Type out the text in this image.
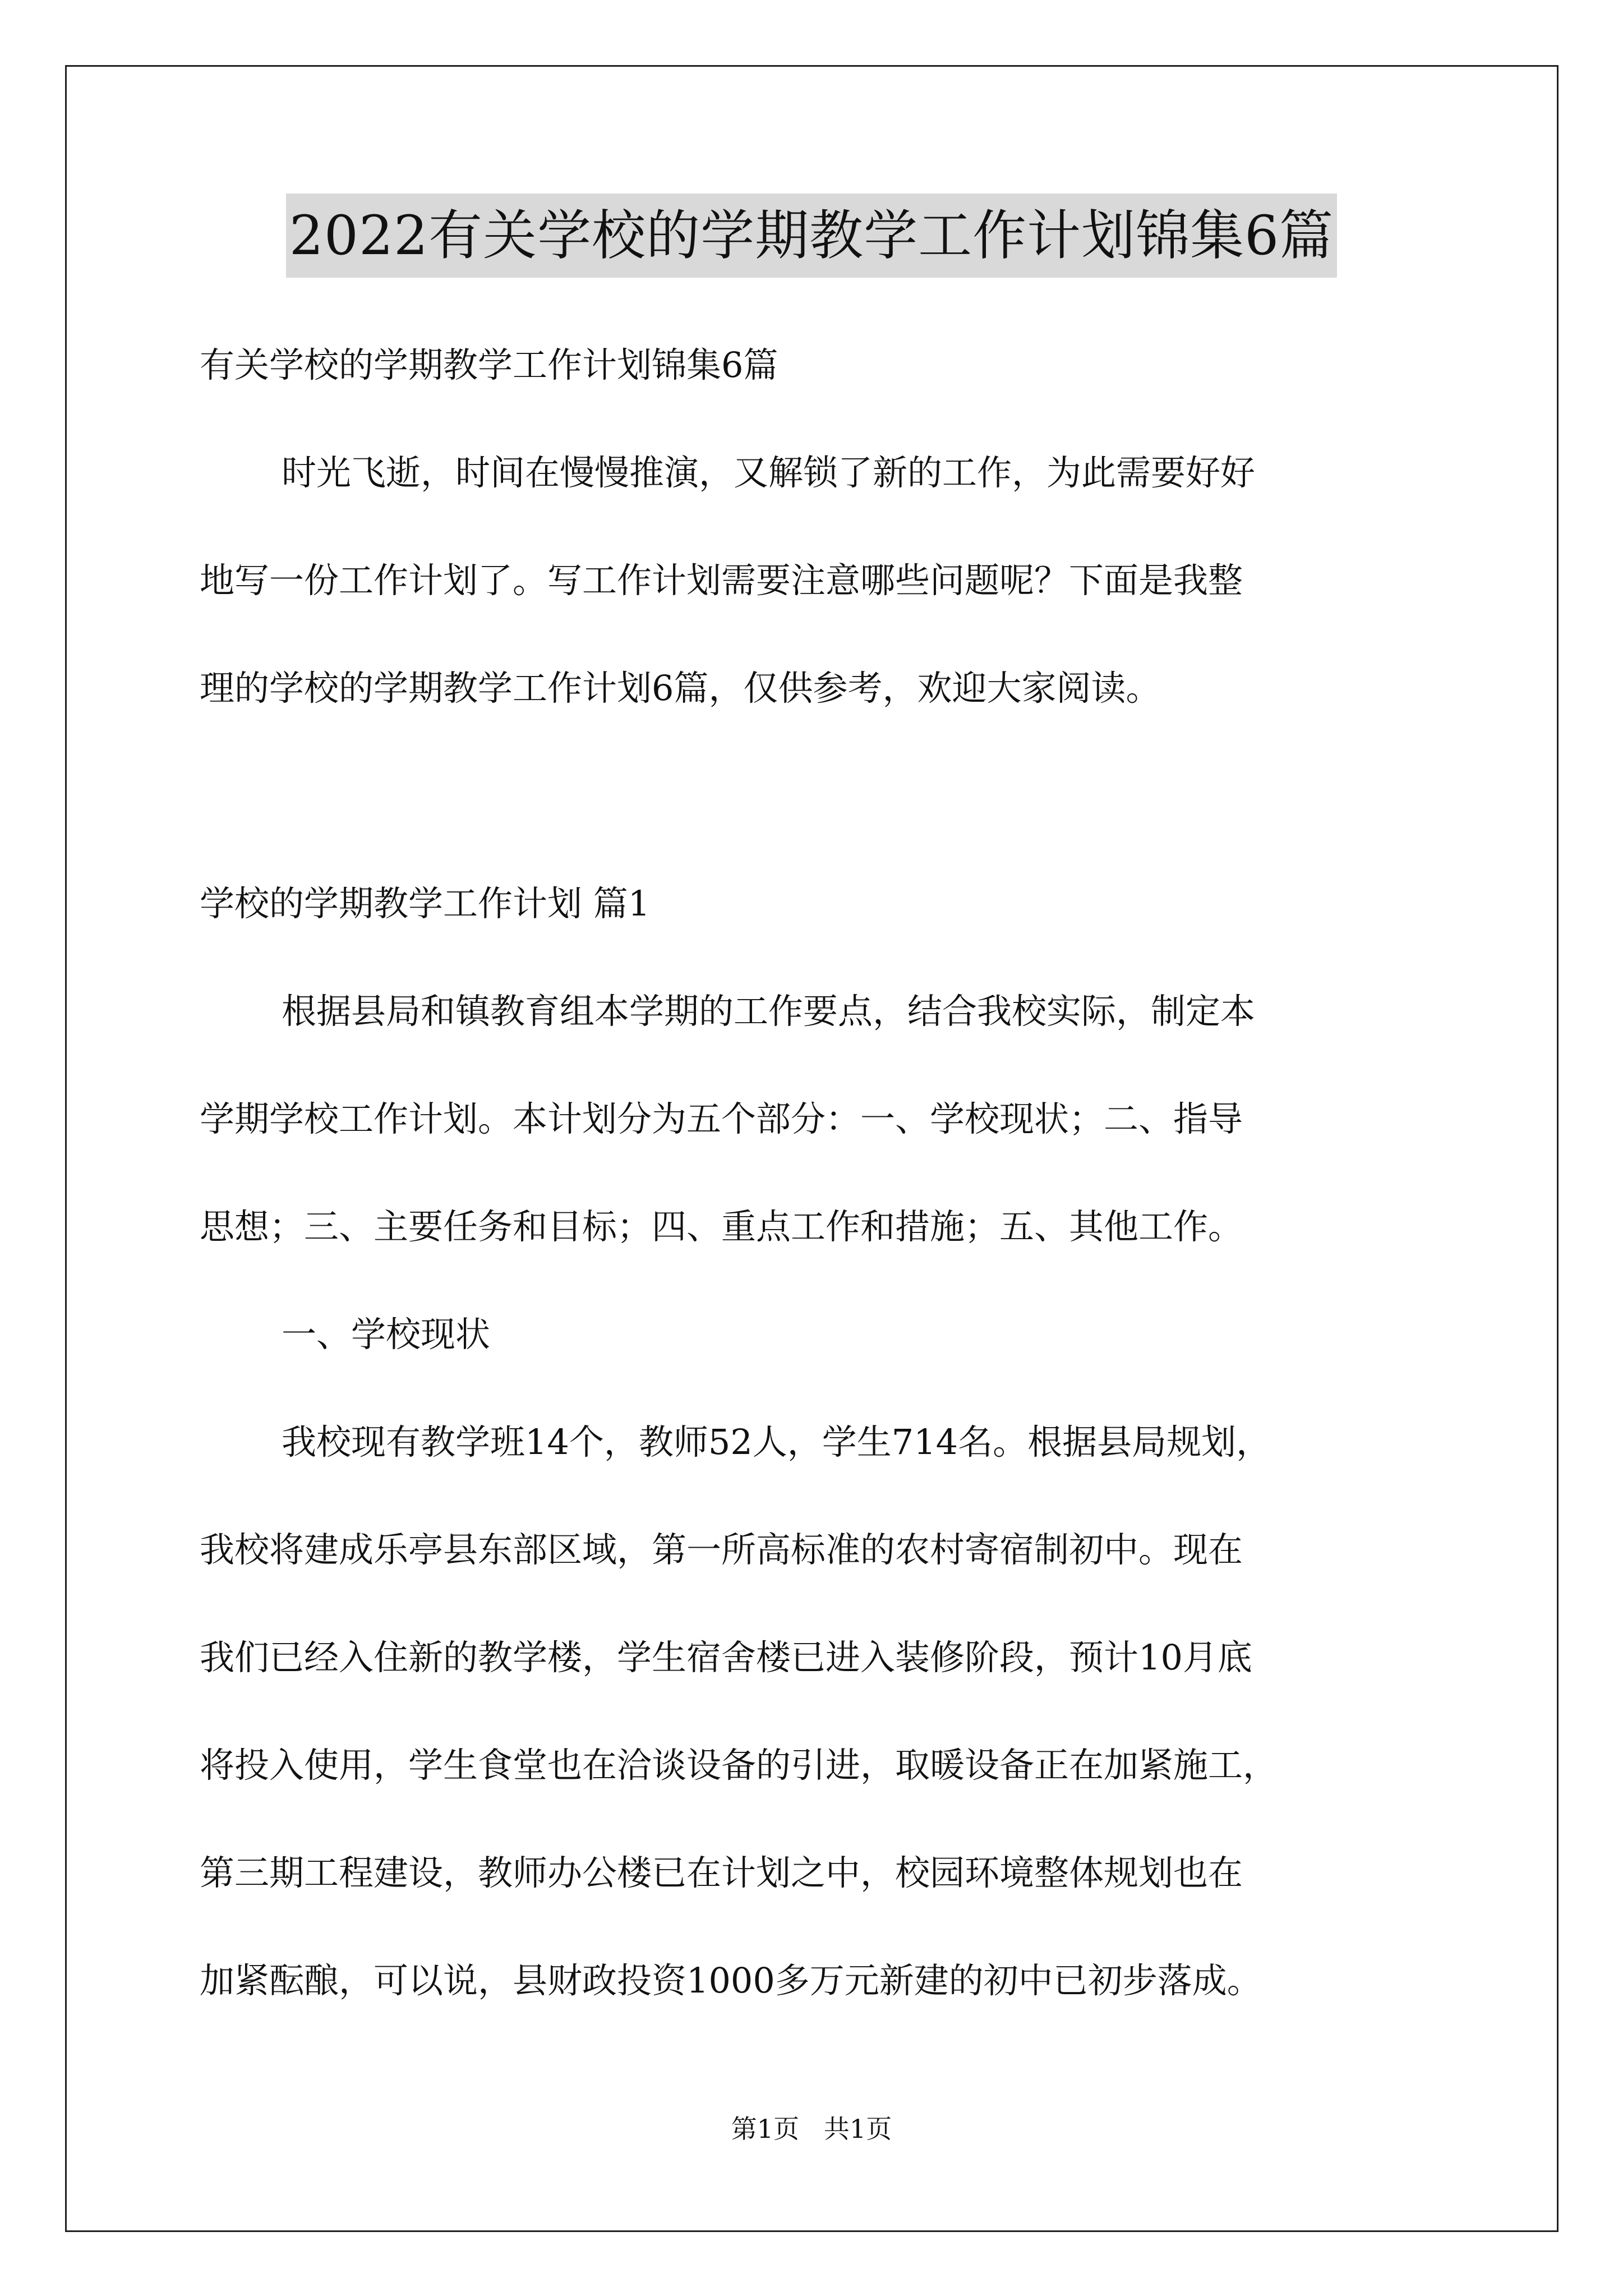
2022有关学校的学期教学工作计划锦集6篇
有关学校的学期教学工作计划锦集6篇
时光飞逝，时间在慢慢推演，又解锁了新的工作，为此需要好好
地写一份工作计划了。写工作计划需要注意哪些问题呢？下面是我整
理的学校的学期教学工作计划6篇，仅供参考，欢迎大家阅读。
学校的学期教学工作计划 篇1
根据县局和镇教育组本学期的工作要点，结合我校实际，制定本
学期学校工作计划。本计划分为五个部分：一、学校现状；二、指导
思想；三、主要任务和目标；四、重点工作和措施；五、其他工作。
一、学校现状
我校现有教学班14个，教师52人，学生714名。根据县局规划，
我校将建成乐亭县东部区域，第一所高标准的农村寄宿制初中。现在
我们已经入住新的教学楼，学生宿舍楼已进入装修阶段，预计10月底
将投入使用，学生食堂也在洽谈设备的引进，取暖设备正在加紧施工，
第三期工程建设，教师办公楼已在计划之中，校园环境整体规划也在
加紧酝酿，可以说，县财政投资1000多万元新建的初中已初步落成。
第1页   共1页
